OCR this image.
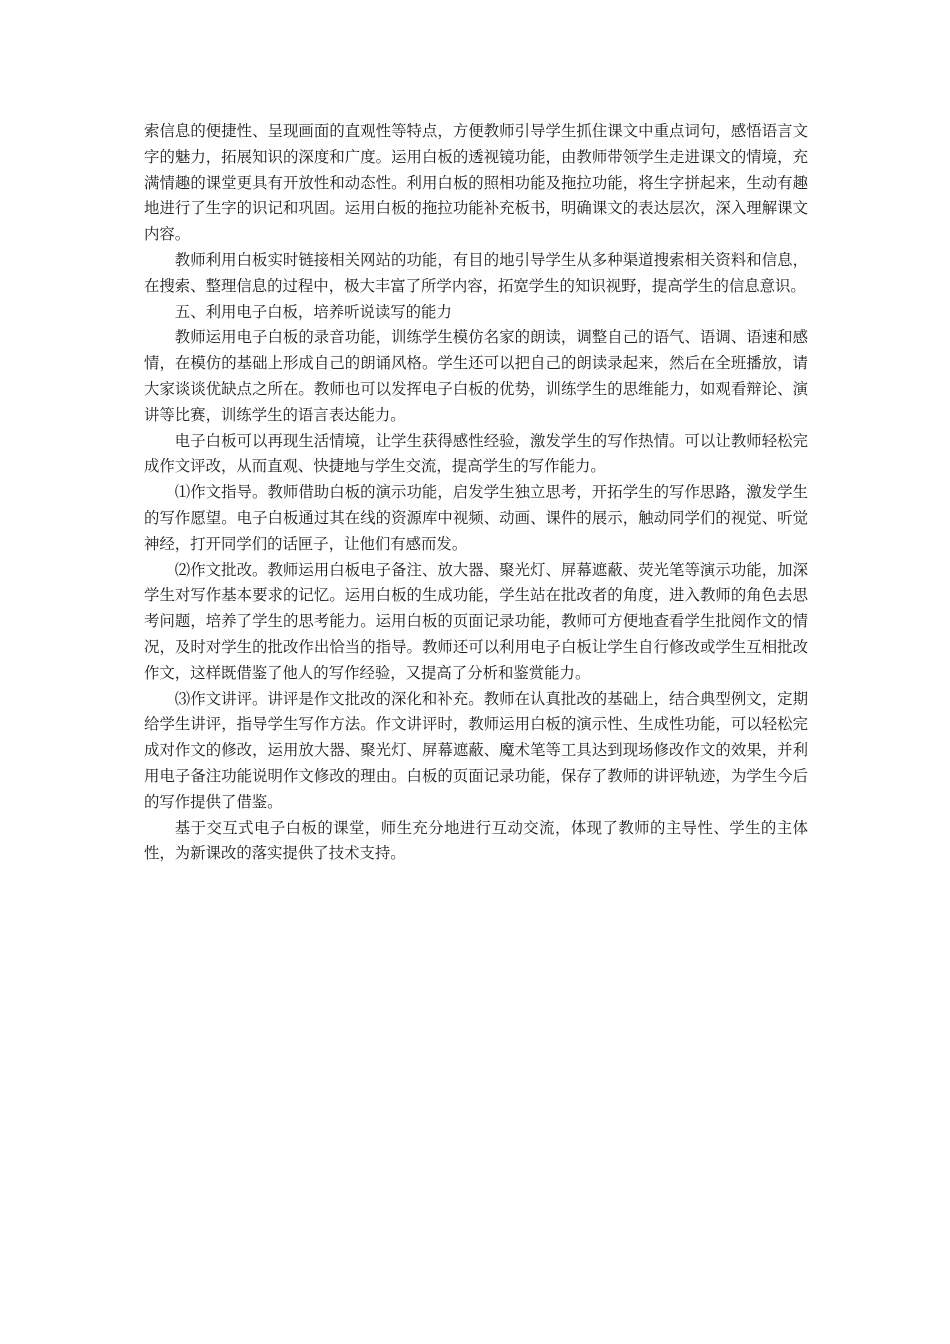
索信息的便捷性、呈现画面的直观性等特点，方便教师引导学生抓住课文中重点词句，感悟语言文字的魅力，拓展知识的深度和广度。运用白板的透视镜功能，由教师带领学生走进课文的情境，充满情趣的课堂更具有开放性和动态性。利用白板的照相功能及拖拉功能，将生字拼起来，生动有趣地进行了生字的识记和巩固。运用白板的拖拉功能补充板书，明确课文的表达层次，深入理解课文内容。

教师利用白板实时链接相关网站的功能，有目的地引导学生从多种渠道搜索相关资料和信息，在搜索、整理信息的过程中，极大丰富了所学内容，拓宽学生的知识视野，提高学生的信息意识。

五、利用电子白板，培养听说读写的能力

教师运用电子白板的录音功能，训练学生模仿名家的朗读，调整自己的语气、语调、语速和感情，在模仿的基础上形成自己的朗诵风格。学生还可以把自己的朗读录起来，然后在全班播放，请大家谈谈优缺点之所在。教师也可以发挥电子白板的优势，训练学生的思维能力，如观看辩论、演讲等比赛，训练学生的语言表达能力。

电子白板可以再现生活情境，让学生获得感性经验，激发学生的写作热情。可以让教师轻松完成作文评改，从而直观、快捷地与学生交流，提高学生的写作能力。

⑴作文指导。教师借助白板的演示功能，启发学生独立思考，开拓学生的写作思路，激发学生的写作愿望。电子白板通过其在线的资源库中视频、动画、课件的展示，触动同学们的视觉、听觉神经，打开同学们的话匣子，让他们有感而发。

⑵作文批改。教师运用白板电子备注、放大器、聚光灯、屏幕遮蔽、荧光笔等演示功能，加深学生对写作基本要求的记忆。运用白板的生成功能，学生站在批改者的角度，进入教师的角色去思考问题，培养了学生的思考能力。运用白板的页面记录功能，教师可方便地查看学生批阅作文的情况，及时对学生的批改作出恰当的指导。教师还可以利用电子白板让学生自行修改或学生互相批改作文，这样既借鉴了他人的写作经验，又提高了分析和鉴赏能力。

⑶作文讲评。讲评是作文批改的深化和补充。教师在认真批改的基础上，结合典型例文，定期给学生讲评，指导学生写作方法。作文讲评时，教师运用白板的演示性、生成性功能，可以轻松完成对作文的修改，运用放大器、聚光灯、屏幕遮蔽、魔术笔等工具达到现场修改作文的效果，并利用电子备注功能说明作文修改的理由。白板的页面记录功能，保存了教师的讲评轨迹，为学生今后的写作提供了借鉴。

基于交互式电子白板的课堂，师生充分地进行互动交流，体现了教师的主导性、学生的主体性，为新课改的落实提供了技术支持。
